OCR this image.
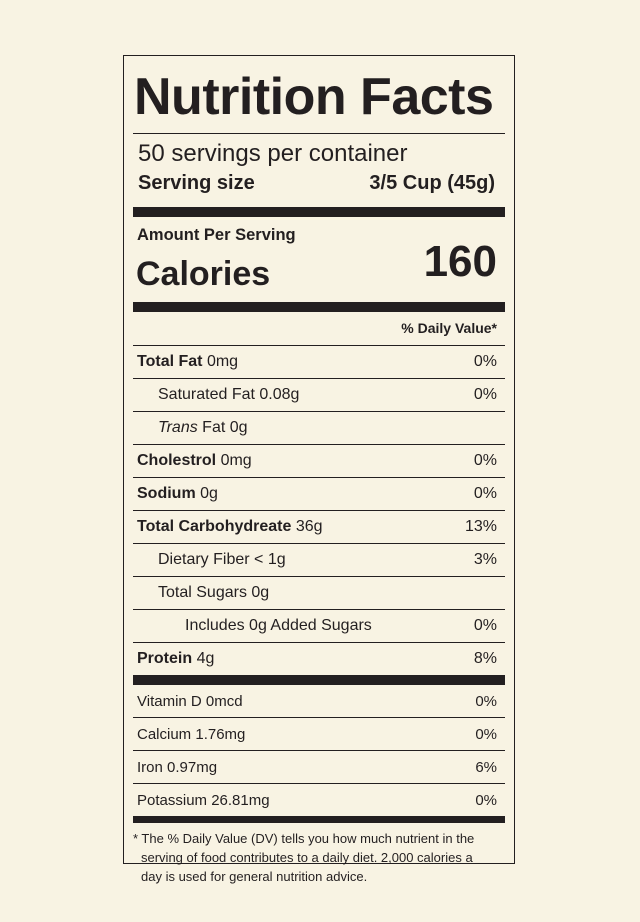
Nutrition Facts
50 servings per container
Serving size	3/5 Cup (45g)
Amount Per Serving
Calories	160
% Daily Value*
Total Fat 0mg	0%
Saturated Fat 0.08g	0%
Trans Fat 0g
Cholestrol 0mg	0%
Sodium 0g	0%
Total Carbohydreate 36g	13%
Dietary Fiber < 1g	3%
Total Sugars 0g
Includes 0g Added Sugars	0%
Protein 4g	8%
Vitamin D 0mcd	0%
Calcium 1.76mg	0%
Iron 0.97mg	6%
Potassium 26.81mg	0%
* The % Daily Value (DV) tells you how much nutrient in the
serving of food contributes to a daily diet. 2,000 calories a
day is used for general nutrition advice.
